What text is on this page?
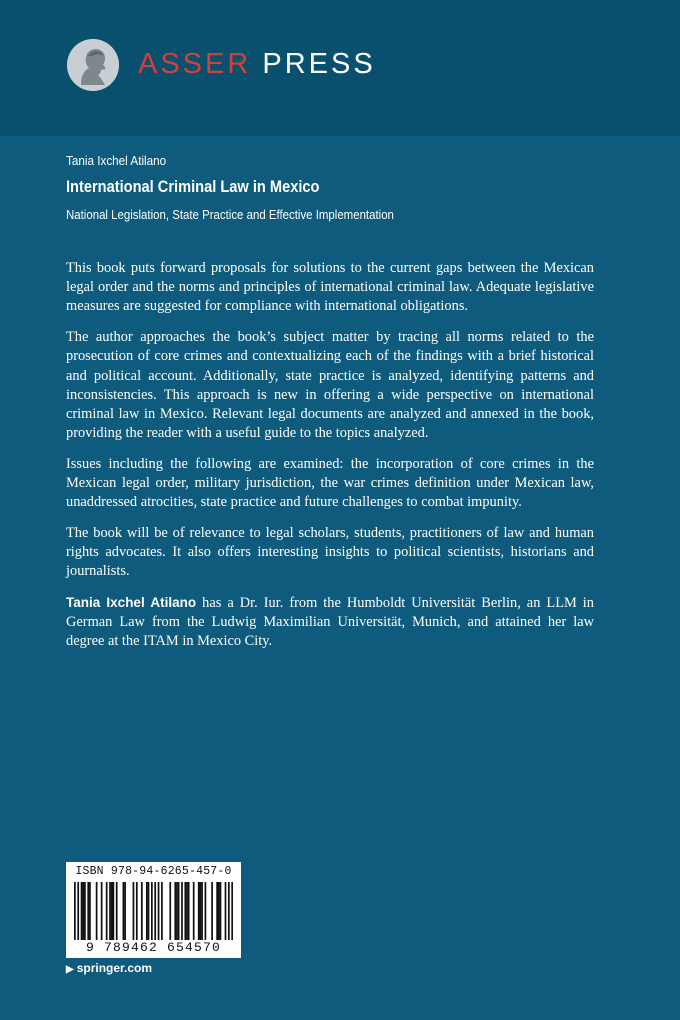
ASSER PRESS
Tania Ixchel Atilano
International Criminal Law in Mexico
National Legislation, State Practice and Effective Implementation

This book puts forward proposals for solutions to the current gaps between the Mexican legal order and the norms and principles of international criminal law. Adequate legislative measures are suggested for compliance with international obligations.

The author approaches the book’s subject matter by tracing all norms related to the prosecution of core crimes and contextualizing each of the findings with a brief historical and political account. Additionally, state practice is analyzed, identifying patterns and inconsistencies. This approach is new in offering a wide perspective on international criminal law in Mexico. Relevant legal documents are analyzed and annexed in the book, providing the reader with a useful guide to the topics analyzed.

Issues including the following are examined: the incorporation of core crimes in the Mexican legal order, military jurisdiction, the war crimes definition under Mexican law, unaddressed atrocities, state practice and future challenges to combat impunity.

The book will be of relevance to legal scholars, students, practitioners of law and human rights advocates. It also offers interesting insights to political scientists, historians and journalists.

Tania Ixchel Atilano has a Dr. Iur. from the Humboldt Universität Berlin, an LLM in German Law from the Ludwig Maximilian Universität, Munich, and attained her law degree at the ITAM in Mexico City.

ISBN 978-94-6265-457-0
9 789462 654570
▶ springer.com
